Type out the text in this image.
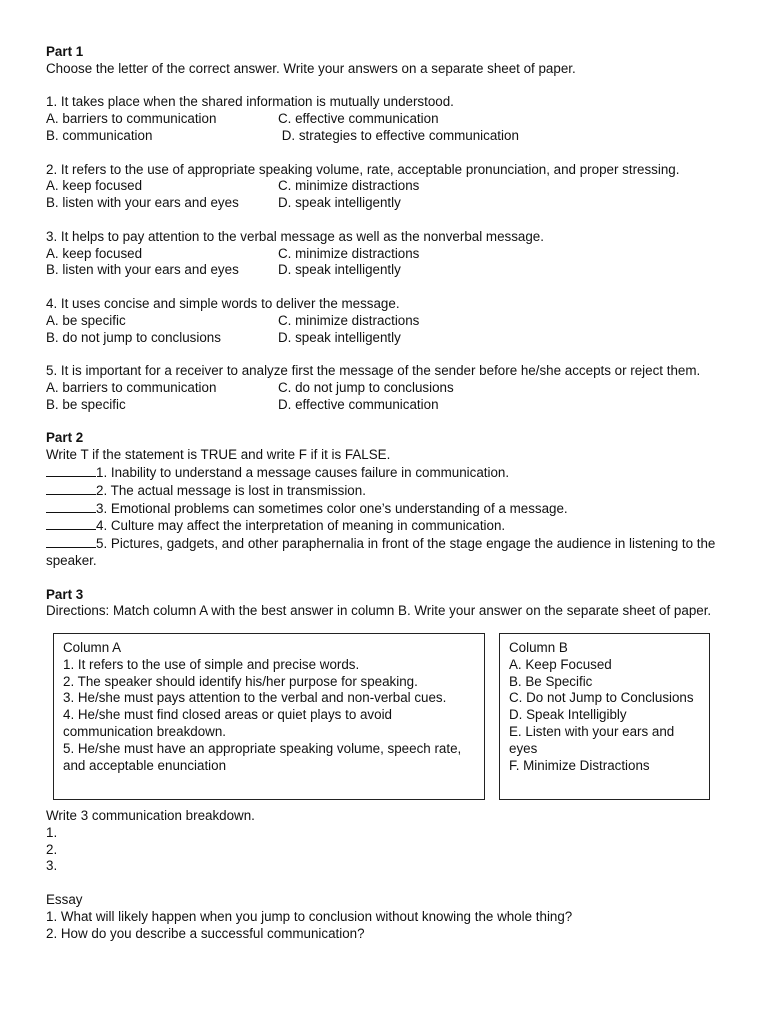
Part 1
Choose the letter of the correct answer. Write your answers on a separate sheet of paper.
1. It takes place when the shared information is mutually understood.
A. barriers to communication	C. effective communication
B. communication	D. strategies to effective communication
2. It refers to the use of appropriate speaking volume, rate, acceptable pronunciation, and proper stressing.
A. keep focused	C. minimize distractions
B. listen with your ears and eyes	D. speak intelligently
3. It helps to pay attention to the verbal message as well as the nonverbal message.
A. keep focused	C. minimize distractions
B. listen with your ears and eyes	D. speak intelligently
4. It uses concise and simple words to deliver the message.
A. be specific	C. minimize distractions
B. do not jump to conclusions	D. speak intelligently
5. It is important for a receiver to analyze first the message of the sender before he/she accepts or reject them.
A. barriers to communication	C. do not jump to conclusions
B. be specific	D. effective communication
Part 2
Write T if the statement is TRUE and write F if it is FALSE.
1. Inability to understand a message causes failure in communication.
2. The actual message is lost in transmission.
3. Emotional problems can sometimes color one’s understanding of a message.
4. Culture may affect the interpretation of meaning in communication.
5. Pictures, gadgets, and other paraphernalia in front of the stage engage the audience in listening to the
speaker.
Part 3
Directions: Match column A with the best answer in column B. Write your answer on the separate sheet of paper.
Column A
1. It refers to the use of simple and precise words.
2. The speaker should identify his/her purpose for speaking.
3. He/she must pays attention to the verbal and non-verbal cues.
4. He/she must find closed areas or quiet plays to avoid communication breakdown.
5. He/she must have an appropriate speaking volume, speech rate, and acceptable enunciation
Column B
A. Keep Focused
B. Be Specific
C. Do not Jump to Conclusions
D. Speak Intelligibly
E. Listen with your ears and eyes
F. Minimize Distractions
Write 3 communication breakdown.
1.
2.
3.
Essay
1. What will likely happen when you jump to conclusion without knowing the whole thing?
2. How do you describe a successful communication?
